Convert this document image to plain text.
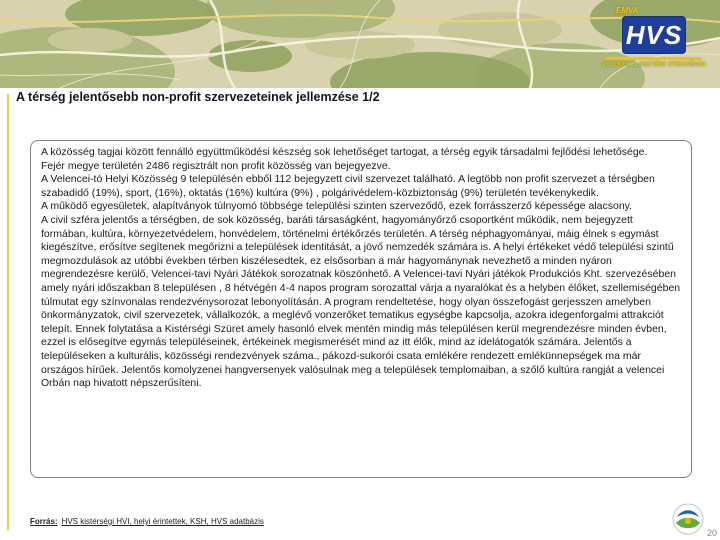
EMVA
HVS
VIDÉKFEJLESZTÉSI STRATÉGIA
A térség jelentősebb non-profit szervezeteinek jellemzése 1/2

A közösség tagjai között fennálló együttműködési készség sok lehetőséget tartogat, a térség egyik társadalmi fejlődési lehetősége.

Fejér megye területén 2486 regisztrált non profit közösség van bejegyezve.

A Velencei-tó Helyi Közösség 9 településén ebből 112 bejegyzett civil szervezet található. A legtöbb non profit szervezet a térségben szabadidő (19%), sport, (16%), oktatás (16%) kultúra (9%) , polgárivédelem-közbiztonság (9%) területén tevékenykedik.

A működő egyesületek, alapítványok túlnyomó többsége települési szinten szerveződő, ezek forrásszerző képessége alacsony.

A civil szféra jelentős a térségben, de sok közösség, baráti társaságként, hagyományőrző csoportként működik, nem bejegyzett formában, kultúra, környezetvédelem, honvédelem, történelmi értékőrzés területén. A térség néphagyományai, máig élnek s egymást kiegészítve, erősítve segítenek megőrizni a települések identitását, a jövő nemzedék számára is. A helyi értékeket védő települési szintű megmozdulások az utóbbi években térben kiszélesedtek, ez elsősorban a már hagyománynak nevezhető a minden nyáron megrendezésre kerülő, Velencei-tavi Nyári Játékok sorozatnak köszönhető. A Velencei-tavi Nyári játékok Produkciós Kht. szervezésében amely nyári időszakban 8 településen , 8 hétvégén 4-4 napos program sorozattal várja a nyaralókat és a helyben élőket, szellemiségében túlmutat egy színvonalas rendezvénysorozat lebonyolításán. A program rendeltetése, hogy olyan összefogást gerjesszen amelyben önkormányzatok, civil szervezetek, vállalkozók, a meglévő vonzerőket tematikus egységbe kapcsolja, azokra idegenforgalmi attrakciót telepít. Ennek folytatása a Kistérségi Szüret amely hasonló elvek mentén mindig más településen kerül megrendezésre minden évben, ezzel is elősegítve egymás településeinek, értékeinek megismerését mind az itt élők, mind az idelátogatók számára. Jelentős a településeken a kulturális, közösségi rendezvények száma., pákozd-sukorói csata emlékére rendezett emlékünnepségek ma már országos hírűek. Jelentős komolyzenei hangversenyek valósulnak meg a települések templomaiban, a szőlő kultúra rangját a velencei Orbán nap hivatott népszerűsíteni.

Forrás: HVS kistérségi HVI, helyi érintettek, KSH, HVS adatbázis
20
